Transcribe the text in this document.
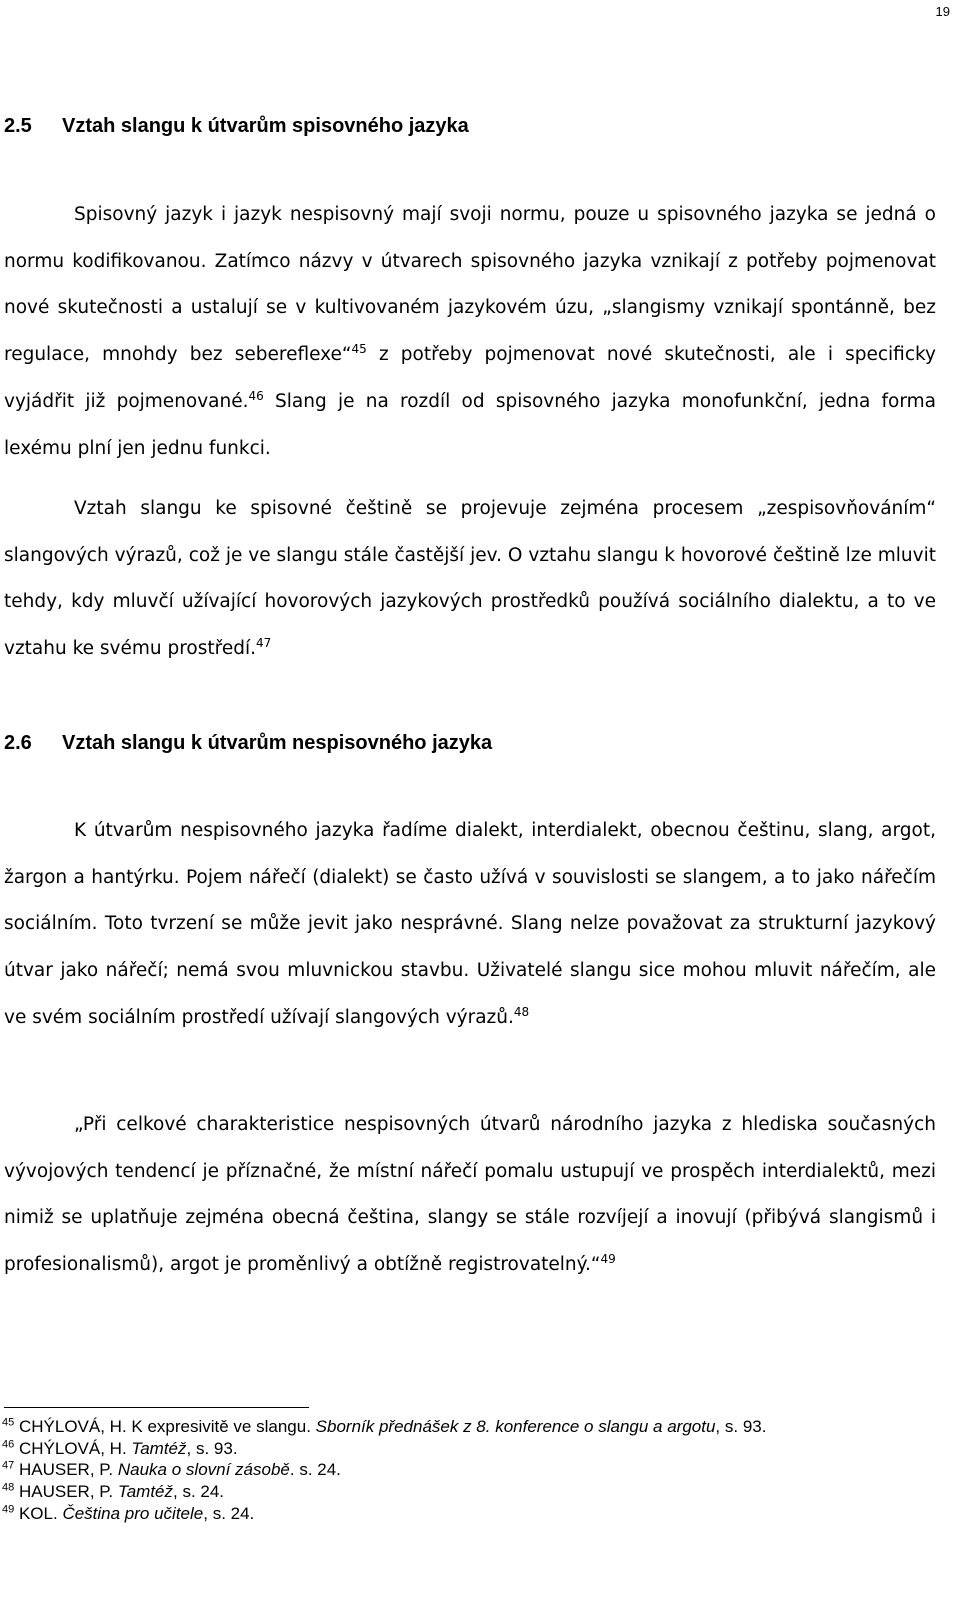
19
2.5 Vztah slangu k útvarům spisovného jazyka

Spisovný jazyk i jazyk nespisovný mají svoji normu, pouze u spisovného jazyka se jedná o normu kodifikovanou. Zatímco názvy v útvarech spisovného jazyka vznikají z potřeby pojmenovat nové skutečnosti a ustalují se v kultivovaném jazykovém úzu, „slangismy vznikají spontánně, bez regulace, mnohdy bez sebereflexe“$^{45}$ z potřeby pojmenovat nové skutečnosti, ale i specificky vyjádřit již pojmenované.$^{46}$ Slang je na rozdíl od spisovného jazyka monofunkční, jedna forma lexému plní jen jednu funkci.

Vztah slangu ke spisovné češtině se projevuje zejména procesem „zespisovňováním“ slangových výrazů, což je ve slangu stále častější jev. O vztahu slangu k hovorové češtině lze mluvit tehdy, kdy mluvčí užívající hovorových jazykových prostředků používá sociálního dialektu, a to ve vztahu ke svému prostředí.$^{47}$

2.6 Vztah slangu k útvarům nespisovného jazyka

K útvarům nespisovného jazyka řadíme dialekt, interdialekt, obecnou češtinu, slang, argot, žargon a hantýrku. Pojem nářečí (dialekt) se často užívá v souvislosti se slangem, a to jako nářečím sociálním. Toto tvrzení se může jevit jako nesprávné. Slang nelze považovat za strukturní jazykový útvar jako nářečí; nemá svou mluvnickou stavbu. Uživatelé slangu sice mohou mluvit nářečím, ale ve svém sociálním prostředí užívají slangových výrazů.$^{48}$

„Při celkové charakteristice nespisovných útvarů národního jazyka z hlediska současných vývojových tendencí je příznačné, že místní nářečí pomalu ustupují ve prospěch interdialektů, mezi nimiž se uplatňuje zejména obecná čeština, slangy se stále rozvíjejí a inovují (přibývá slangismů i profesionalismů), argot je proměnlivý a obtížně registrovatelný.“$^{49}$

$^{45}$ CHÝLOVÁ, H. K expresivitě ve slangu. Sborník přednášek z 8. konference o slangu a argotu, s. 93.
$^{46}$ CHÝLOVÁ, H. Tamtéž, s. 93.
$^{47}$ HAUSER, P. Nauka o slovní zásobě. s. 24.
$^{48}$ HAUSER, P. Tamtéž, s. 24.
$^{49}$ KOL. Čeština pro učitele, s. 24.
